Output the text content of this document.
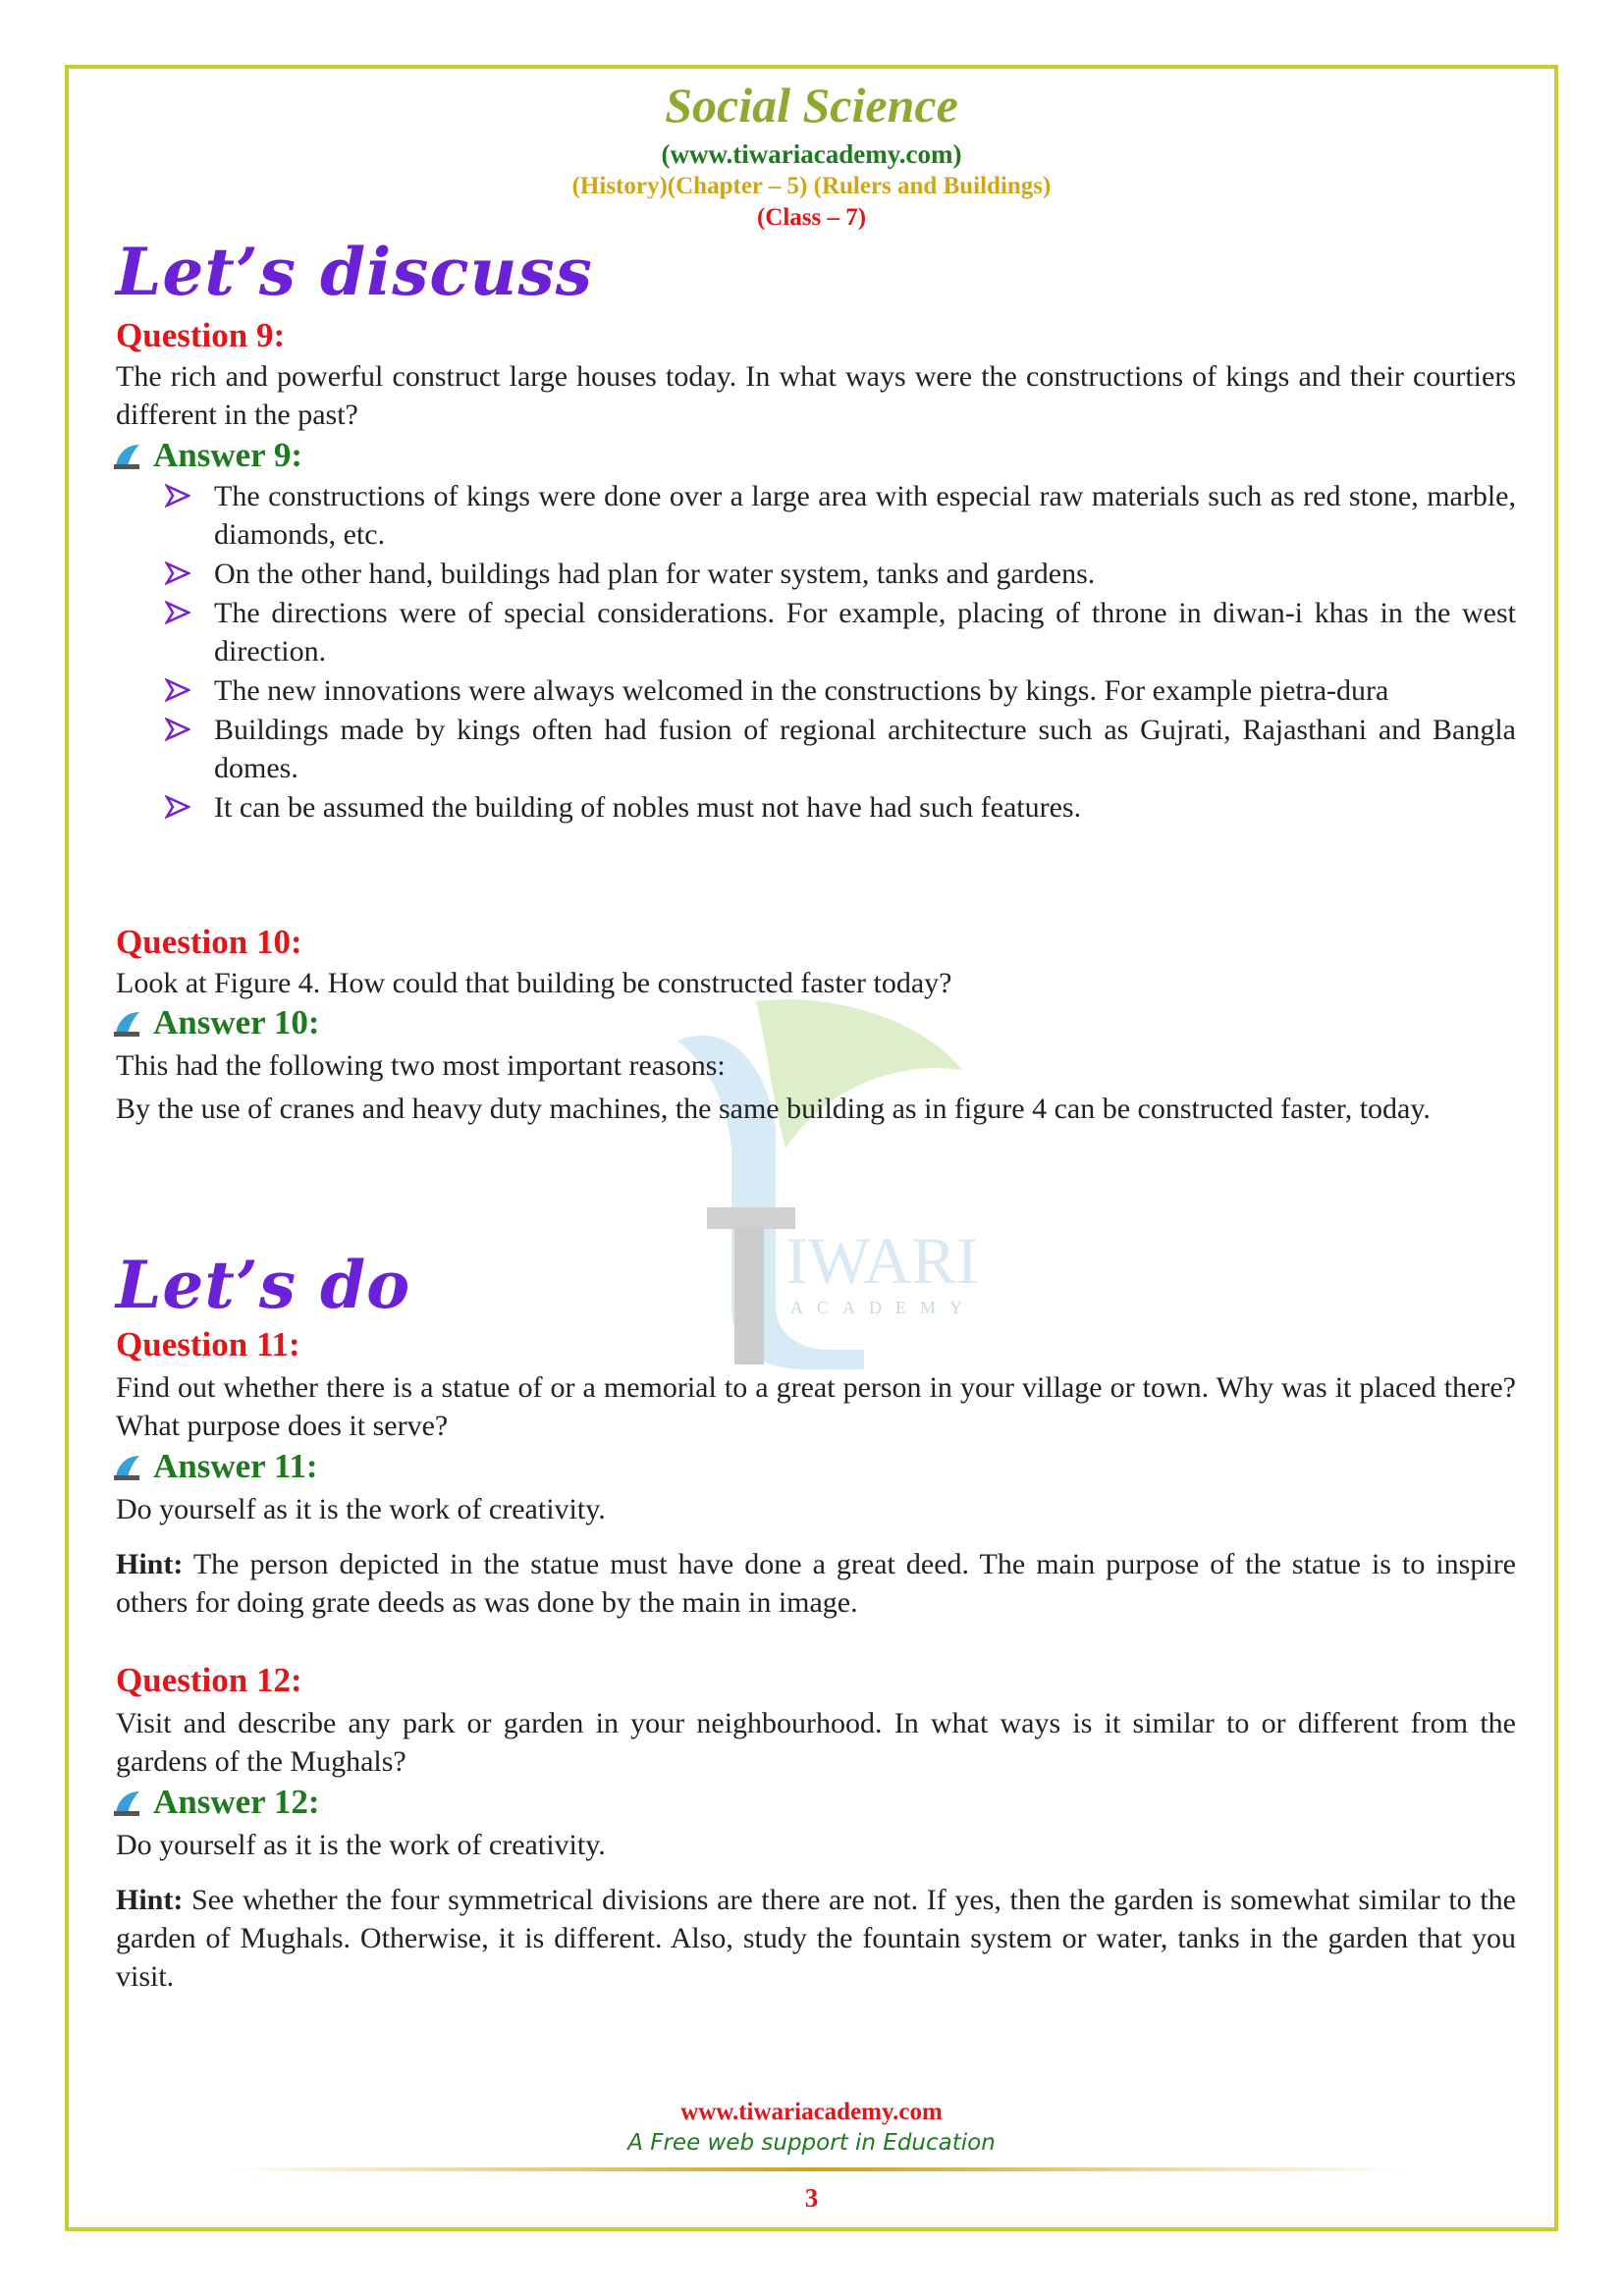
IWARI
ACADEMY
Social Science
(www.tiwariacademy.com)
(History)(Chapter – 5) (Rulers and Buildings)
(Class – 7)
Let’s discuss
Question 9:

The rich and powerful construct large houses today. In what ways were the constructions of kings and their courtiers different in the past?

Answer 9:
The constructions of kings were done over a large area with especial raw materials such as red stone, marble, diamonds, etc.
On the other hand, buildings had plan for water system, tanks and gardens.
The directions were of special considerations. For example, placing of throne in diwan-i khas in the west direction.
The new innovations were always welcomed in the constructions by kings. For example pietra-dura
Buildings made by kings often had fusion of regional architecture such as Gujrati, Rajasthani and Bangla domes.
It can be assumed the building of nobles must not have had such features.
Question 10:

Look at Figure 4. How could that building be constructed faster today?

Answer 10:

This had the following two most important reasons:

By the use of cranes and heavy duty machines, the same building as in figure 4 can be constructed faster, today.

Let’s do
Question 11:

Find out whether there is a statue of or a memorial to a great person in your village or town. Why was it placed there? What purpose does it serve?

Answer 11:

Do yourself as it is the work of creativity.

Hint: The person depicted in the statue must have done a great deed. The main purpose of the statue is to inspire others for doing grate deeds as was done by the main in image.

Question 12:

Visit and describe any park or garden in your neighbourhood. In what ways is it similar to or different from the gardens of the Mughals?

Answer 12:

Do yourself as it is the work of creativity.

Hint: See whether the four symmetrical divisions are there are not. If yes, then the garden is somewhat similar to the garden of Mughals. Otherwise, it is different. Also, study the fountain system or water, tanks in the garden that you visit.

www.tiwariacademy.com
A Free web support in Education
3
